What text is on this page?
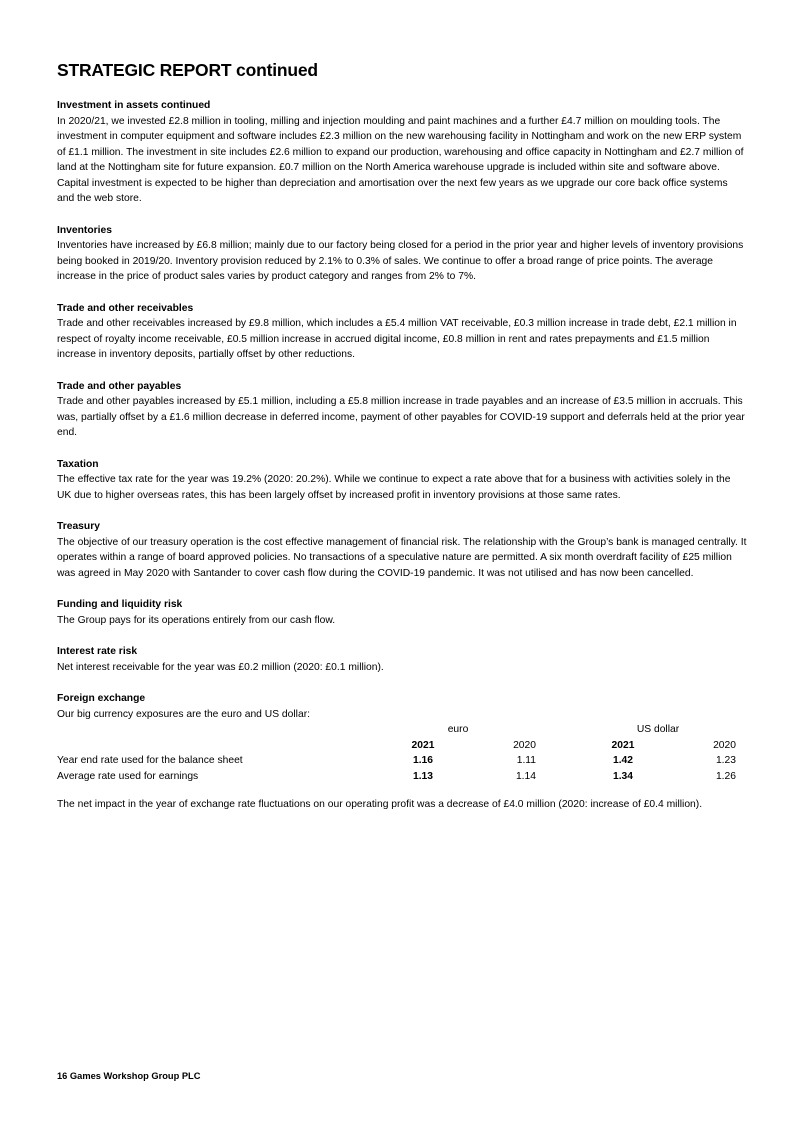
STRATEGIC REPORT continued
Investment in assets continued

In 2020/21, we invested £2.8 million in tooling, milling and injection moulding and paint machines and a further £4.7 million on moulding tools. The investment in computer equipment and software includes £2.3 million on the new warehousing facility in Nottingham and work on the new ERP system of £1.1 million. The investment in site includes £2.6 million to expand our production, warehousing and office capacity in Nottingham and £2.7 million of land at the Nottingham site for future expansion. £0.7 million on the North America warehouse upgrade is included within site and software above. Capital investment is expected to be higher than depreciation and amortisation over the next few years as we upgrade our core back office systems and the web store.

Inventories

Inventories have increased by £6.8 million; mainly due to our factory being closed for a period in the prior year and higher levels of inventory provisions being booked in 2019/20. Inventory provision reduced by 2.1% to 0.3% of sales. We continue to offer a broad range of price points. The average increase in the price of product sales varies by product category and ranges from 2% to 7%.

Trade and other receivables

Trade and other receivables increased by £9.8 million, which includes a £5.4 million VAT receivable, £0.3 million increase in trade debt, £2.1 million in respect of royalty income receivable, £0.5 million increase in accrued digital income, £0.8 million in rent and rates prepayments and £1.5 million increase in inventory deposits, partially offset by other reductions.

Trade and other payables

Trade and other payables increased by £5.1 million, including a £5.8 million increase in trade payables and an increase of £3.5 million in accruals. This was, partially offset by a £1.6 million decrease in deferred income, payment of other payables for COVID-19 support and deferrals held at the prior year end.

Taxation

The effective tax rate for the year was 19.2% (2020: 20.2%). While we continue to expect a rate above that for a business with activities solely in the UK due to higher overseas rates, this has been largely offset by increased profit in inventory provisions at those same rates.

Treasury

The objective of our treasury operation is the cost effective management of financial risk. The relationship with the Group’s bank is managed centrally. It operates within a range of board approved policies. No transactions of a speculative nature are permitted. A six month overdraft facility of £25 million was agreed in May 2020 with Santander to cover cash flow during the COVID-19 pandemic. It was not utilised and has now been cancelled.

Funding and liquidity risk

The Group pays for its operations entirely from our cash flow.

Interest rate risk

Net interest receivable for the year was £0.2 million (2020: £0.1 million).

Foreign exchange

Our big currency exposures are the euro and US dollar:

euro	US dollar
2021	2020	2021	2020
Year end rate used for the balance sheet	1.16	1.11	1.42	1.23
Average rate used for earnings	1.13	1.14	1.34	1.26

The net impact in the year of exchange rate fluctuations on our operating profit was a decrease of £4.0 million (2020: increase of £0.4 million).

16 Games Workshop Group PLC
